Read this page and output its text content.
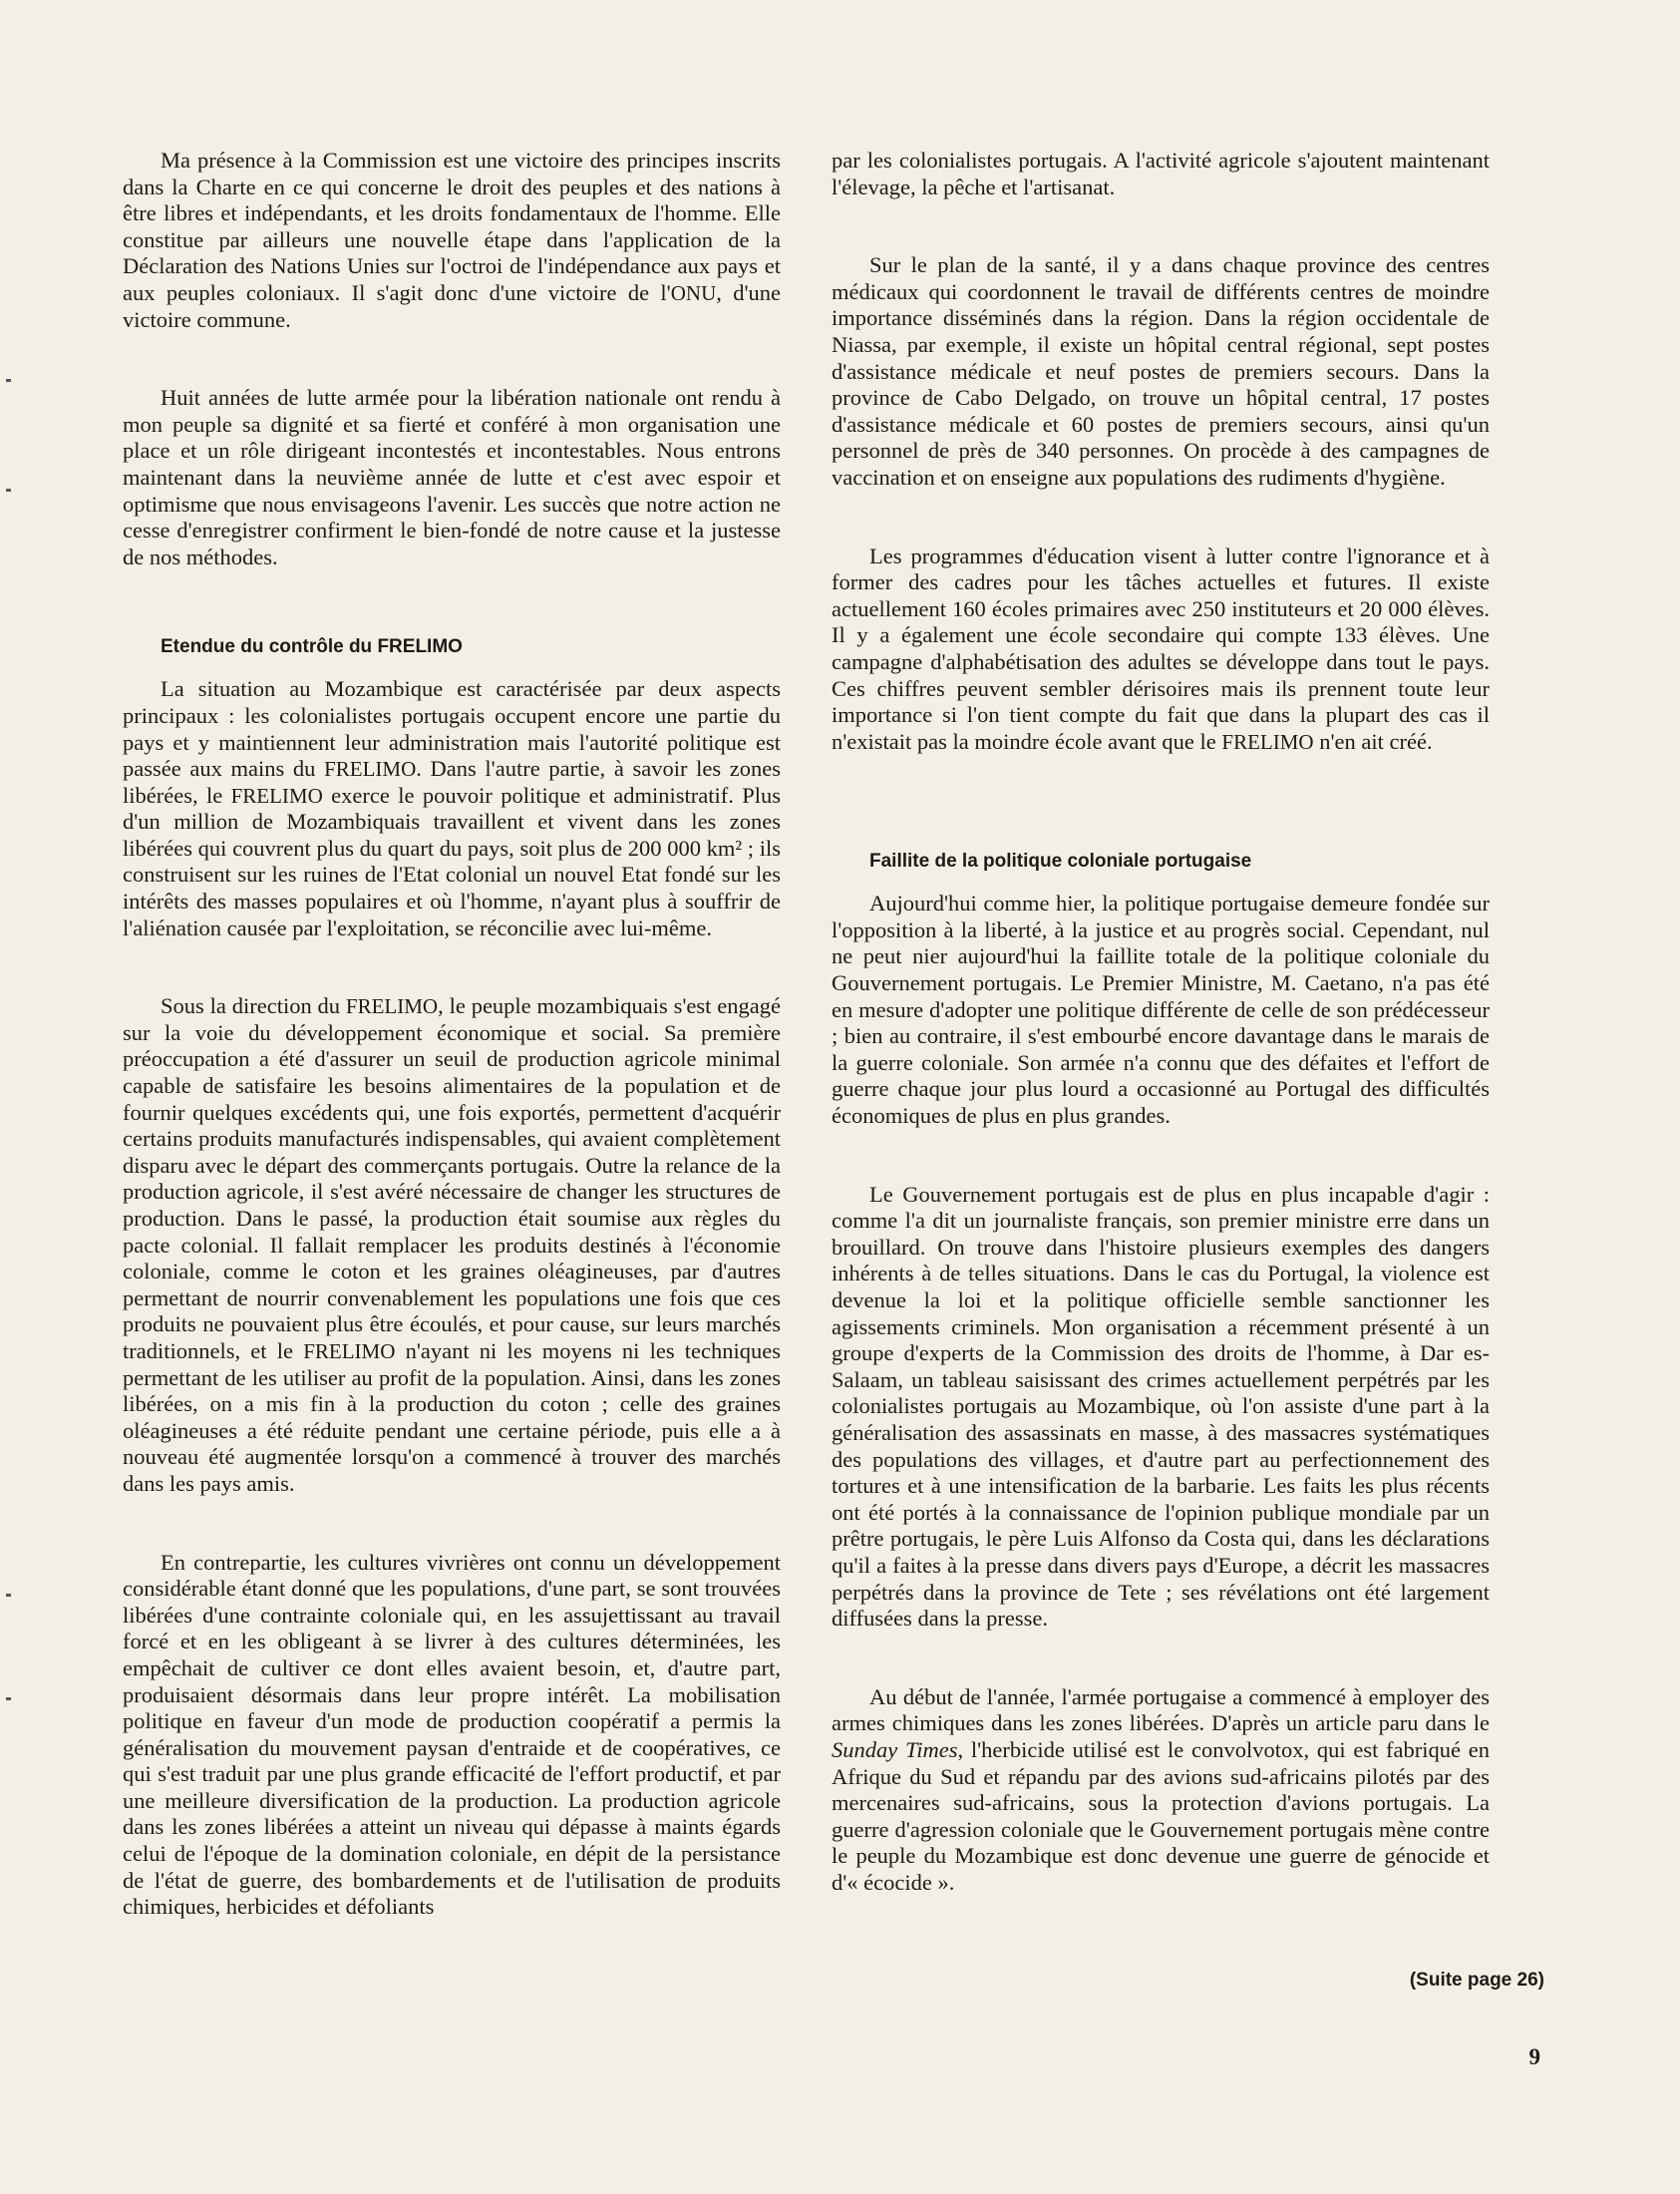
Ma présence à la Commission est une victoire des principes inscrits dans la Charte en ce qui concerne le droit des peuples et des nations à être libres et indépendants, et les droits fondamentaux de l'homme. Elle constitue par ailleurs une nouvelle étape dans l'application de la Déclaration des Nations Unies sur l'octroi de l'indépendance aux pays et aux peuples coloniaux. Il s'agit donc d'une victoire de l'ONU, d'une victoire commune.

Huit années de lutte armée pour la libération nationale ont rendu à mon peuple sa dignité et sa fierté et conféré à mon organisation une place et un rôle dirigeant incontestés et incontestables. Nous entrons maintenant dans la neuvième année de lutte et c'est avec espoir et optimisme que nous envisageons l'avenir. Les succès que notre action ne cesse d'enregistrer confirment le bien-fondé de notre cause et la justesse de nos méthodes.

Etendue du contrôle du FRELIMO

La situation au Mozambique est caractérisée par deux aspects principaux : les colonialistes portugais occupent encore une partie du pays et y maintiennent leur administration mais l'autorité politique est passée aux mains du FRELIMO. Dans l'autre partie, à savoir les zones libérées, le FRELIMO exerce le pouvoir politique et administratif. Plus d'un million de Mozambiquais travaillent et vivent dans les zones libérées qui couvrent plus du quart du pays, soit plus de 200 000 km² ; ils construisent sur les ruines de l'Etat colonial un nouvel Etat fondé sur les intérêts des masses populaires et où l'homme, n'ayant plus à souffrir de l'aliénation causée par l'exploitation, se réconcilie avec lui-même.

Sous la direction du FRELIMO, le peuple mozambiquais s'est engagé sur la voie du développement économique et social. Sa première préoccupation a été d'assurer un seuil de production agricole minimal capable de satisfaire les besoins alimentaires de la population et de fournir quelques excédents qui, une fois exportés, permettent d'acquérir certains produits manufacturés indispensables, qui avaient complètement disparu avec le départ des commerçants portugais. Outre la relance de la production agricole, il s'est avéré nécessaire de changer les structures de production. Dans le passé, la production était soumise aux règles du pacte colonial. Il fallait remplacer les produits destinés à l'économie coloniale, comme le coton et les graines oléagineuses, par d'autres permettant de nourrir convenablement les populations une fois que ces produits ne pouvaient plus être écoulés, et pour cause, sur leurs marchés traditionnels, et le FRELIMO n'ayant ni les moyens ni les techniques permettant de les utiliser au profit de la population. Ainsi, dans les zones libérées, on a mis fin à la production du coton ; celle des graines oléagineuses a été réduite pendant une certaine période, puis elle a à nouveau été augmentée lorsqu'on a commencé à trouver des marchés dans les pays amis.

En contrepartie, les cultures vivrières ont connu un développement considérable étant donné que les populations, d'une part, se sont trouvées libérées d'une contrainte coloniale qui, en les assujettissant au travail forcé et en les obligeant à se livrer à des cultures déterminées, les empêchait de cultiver ce dont elles avaient besoin, et, d'autre part, produisaient désormais dans leur propre intérêt. La mobilisation politique en faveur d'un mode de production coopératif a permis la généralisation du mouvement paysan d'entraide et de coopératives, ce qui s'est traduit par une plus grande efficacité de l'effort productif, et par une meilleure diversification de la production. La production agricole dans les zones libérées a atteint un niveau qui dépasse à maints égards celui de l'époque de la domination coloniale, en dépit de la persistance de l'état de guerre, des bombardements et de l'utilisation de produits chimiques, herbicides et défoliants

par les colonialistes portugais. A l'activité agricole s'ajoutent maintenant l'élevage, la pêche et l'artisanat.

Sur le plan de la santé, il y a dans chaque province des centres médicaux qui coordonnent le travail de différents centres de moindre importance disséminés dans la région. Dans la région occidentale de Niassa, par exemple, il existe un hôpital central régional, sept postes d'assistance médicale et neuf postes de premiers secours. Dans la province de Cabo Delgado, on trouve un hôpital central, 17 postes d'assistance médicale et 60 postes de premiers secours, ainsi qu'un personnel de près de 340 personnes. On procède à des campagnes de vaccination et on enseigne aux populations des rudiments d'hygiène.

Les programmes d'éducation visent à lutter contre l'ignorance et à former des cadres pour les tâches actuelles et futures. Il existe actuellement 160 écoles primaires avec 250 instituteurs et 20 000 élèves. Il y a également une école secondaire qui compte 133 élèves. Une campagne d'alphabétisation des adultes se développe dans tout le pays. Ces chiffres peuvent sembler dérisoires mais ils prennent toute leur importance si l'on tient compte du fait que dans la plupart des cas il n'existait pas la moindre école avant que le FRELIMO n'en ait créé.

Faillite de la politique coloniale portugaise

Aujourd'hui comme hier, la politique portugaise demeure fondée sur l'opposition à la liberté, à la justice et au progrès social. Cependant, nul ne peut nier aujourd'hui la faillite totale de la politique coloniale du Gouvernement portugais. Le Premier Ministre, M. Caetano, n'a pas été en mesure d'adopter une politique différente de celle de son prédécesseur ; bien au contraire, il s'est embourbé encore davantage dans le marais de la guerre coloniale. Son armée n'a connu que des défaites et l'effort de guerre chaque jour plus lourd a occasionné au Portugal des difficultés économiques de plus en plus grandes.

Le Gouvernement portugais est de plus en plus incapable d'agir : comme l'a dit un journaliste français, son premier ministre erre dans un brouillard. On trouve dans l'histoire plusieurs exemples des dangers inhérents à de telles situations. Dans le cas du Portugal, la violence est devenue la loi et la politique officielle semble sanctionner les agissements criminels. Mon organisation a récemment présenté à un groupe d'experts de la Commission des droits de l'homme, à Dar es-Salaam, un tableau saisissant des crimes actuellement perpétrés par les colonialistes portugais au Mozambique, où l'on assiste d'une part à la généralisation des assassinats en masse, à des massacres systématiques des populations des villages, et d'autre part au perfectionnement des tortures et à une intensification de la barbarie. Les faits les plus récents ont été portés à la connaissance de l'opinion publique mondiale par un prêtre portugais, le père Luis Alfonso da Costa qui, dans les déclarations qu'il a faites à la presse dans divers pays d'Europe, a décrit les massacres perpétrés dans la province de Tete ; ses révélations ont été largement diffusées dans la presse.

Au début de l'année, l'armée portugaise a commencé à employer des armes chimiques dans les zones libérées. D'après un article paru dans le Sunday Times, l'herbicide utilisé est le convolvotox, qui est fabriqué en Afrique du Sud et répandu par des avions sud-africains pilotés par des mercenaires sud-africains, sous la protection d'avions portugais. La guerre d'agression coloniale que le Gouvernement portugais mène contre le peuple du Mozambique est donc devenue une guerre de génocide et d'« écocide ».

(Suite page 26)
9
